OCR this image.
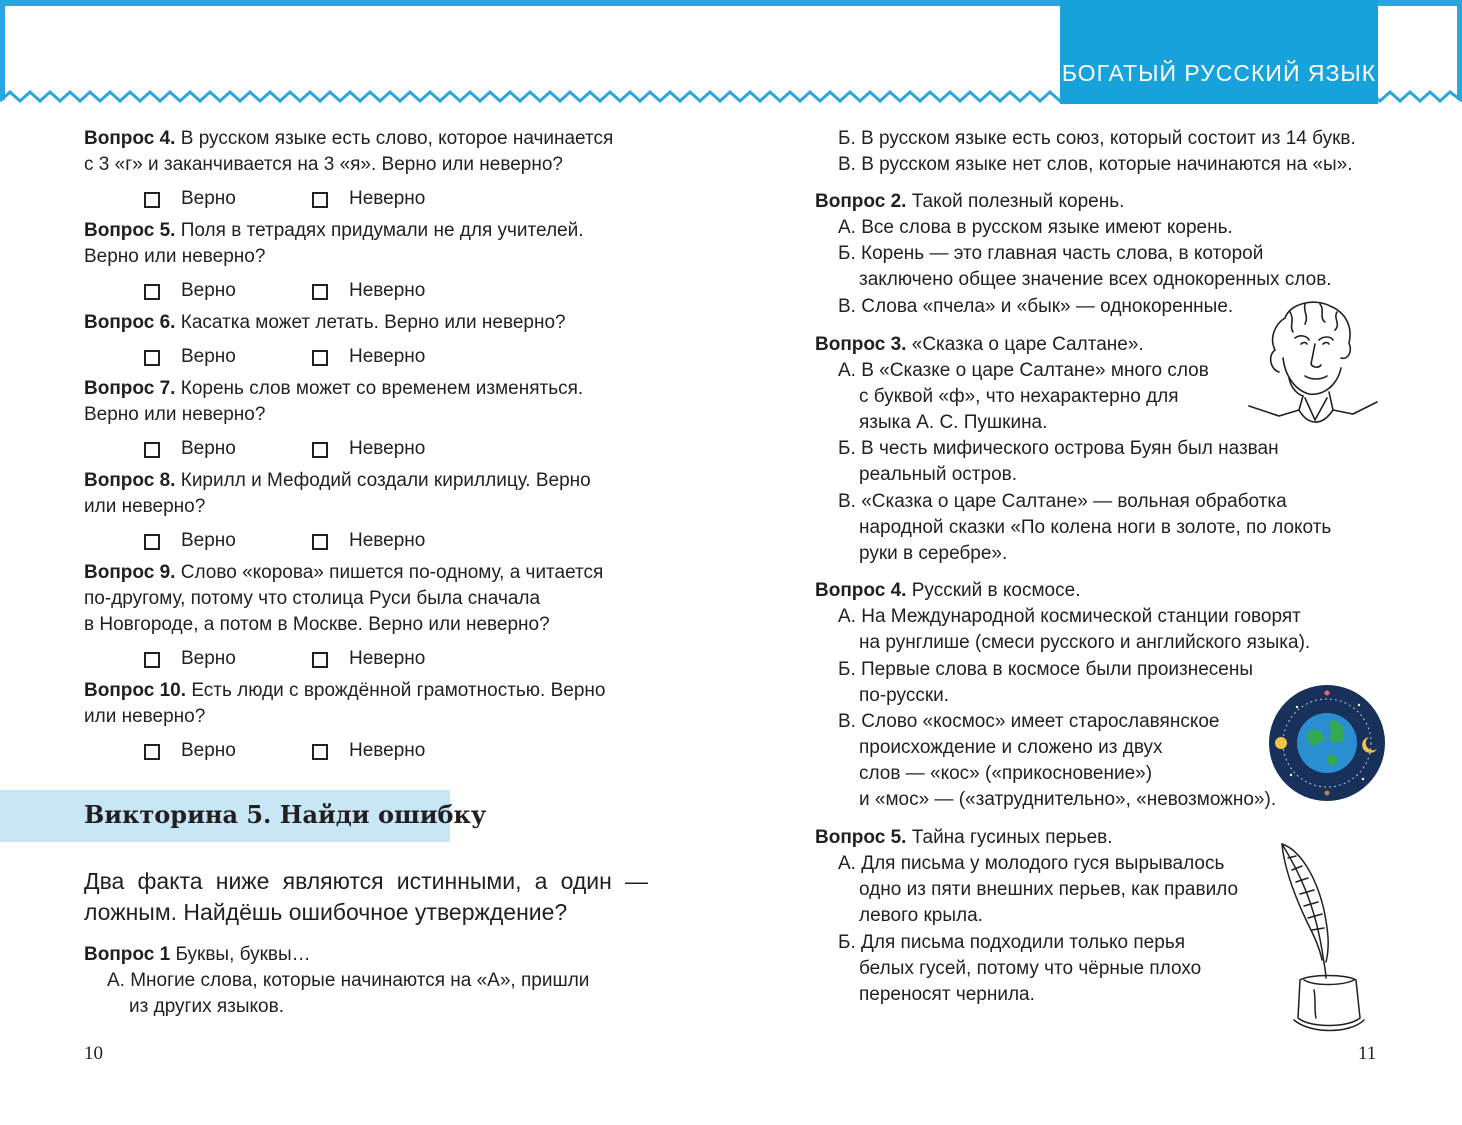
БОГАТЫЙ РУССКИЙ ЯЗЫК
Вопрос 4. В русском языке есть слово, которое начинается
с 3 «г» и заканчивается на 3 «я». Верно или неверно?
Верно	Неверно
Вопрос 5. Поля в тетрадях придумали не для учителей.
Верно или неверно?
Верно	Неверно
Вопрос 6. Касатка может летать. Верно или неверно?
Верно	Неверно
Вопрос 7. Корень слов может со временем изменяться.
Верно или неверно?
Верно	Неверно
Вопрос 8. Кирилл и Мефодий создали кириллицу. Верно
или неверно?
Верно	Неверно
Вопрос 9. Слово «корова» пишется по-одному, а читается
по-другому, потому что столица Руси была сначала
в Новгороде, а потом в Москве. Верно или неверно?
Верно	Неверно
Вопрос 10. Есть люди с врождённой грамотностью. Верно
или неверно?
Верно	Неверно
Викторина 5. Найди ошибку
Два факта ниже являются истинными, а один — ложным. Найдёшь ошибочное утверждение?
Вопрос 1 Буквы, буквы…
А. Многие слова, которые начинаются на «А», пришли
из других языков.
10
Б. В русском языке есть союз, который состоит из 14 букв.
В. В русском языке нет слов, которые начинаются на «ы».
Вопрос 2. Такой полезный корень.
А. Все слова в русском языке имеют корень.
Б. Корень — это главная часть слова, в которой
заключено общее значение всех однокоренных слов.
В. Слова «пчела» и «бык» — однокоренные.
Вопрос 3. «Сказка о царе Салтане».
А. В «Сказке о царе Салтане» много слов
с буквой «ф», что нехарактерно для
языка А. С. Пушкина.
Б. В честь мифического острова Буян был назван
реальный остров.
В. «Сказка о царе Салтане» — вольная обработка
народной сказки «По колена ноги в золоте, по локоть
руки в серебре».
Вопрос 4. Русский в космосе.
А. На Международной космической станции говорят
на рунглише (смеси русского и английского языка).
Б. Первые слова в космосе были произнесены
по-русски.
В. Слово «космос» имеет старославянское
происхождение и сложено из двух
слов — «кос» («прикосновение»)
и «мос» — («затруднительно», «невозможно»).
Вопрос 5. Тайна гусиных перьев.
А. Для письма у молодого гуся вырывалось
одно из пяти внешних перьев, как правило
левого крыла.
Б. Для письма подходили только перья
белых гусей, потому что чёрные плохо
переносят чернила.
11
